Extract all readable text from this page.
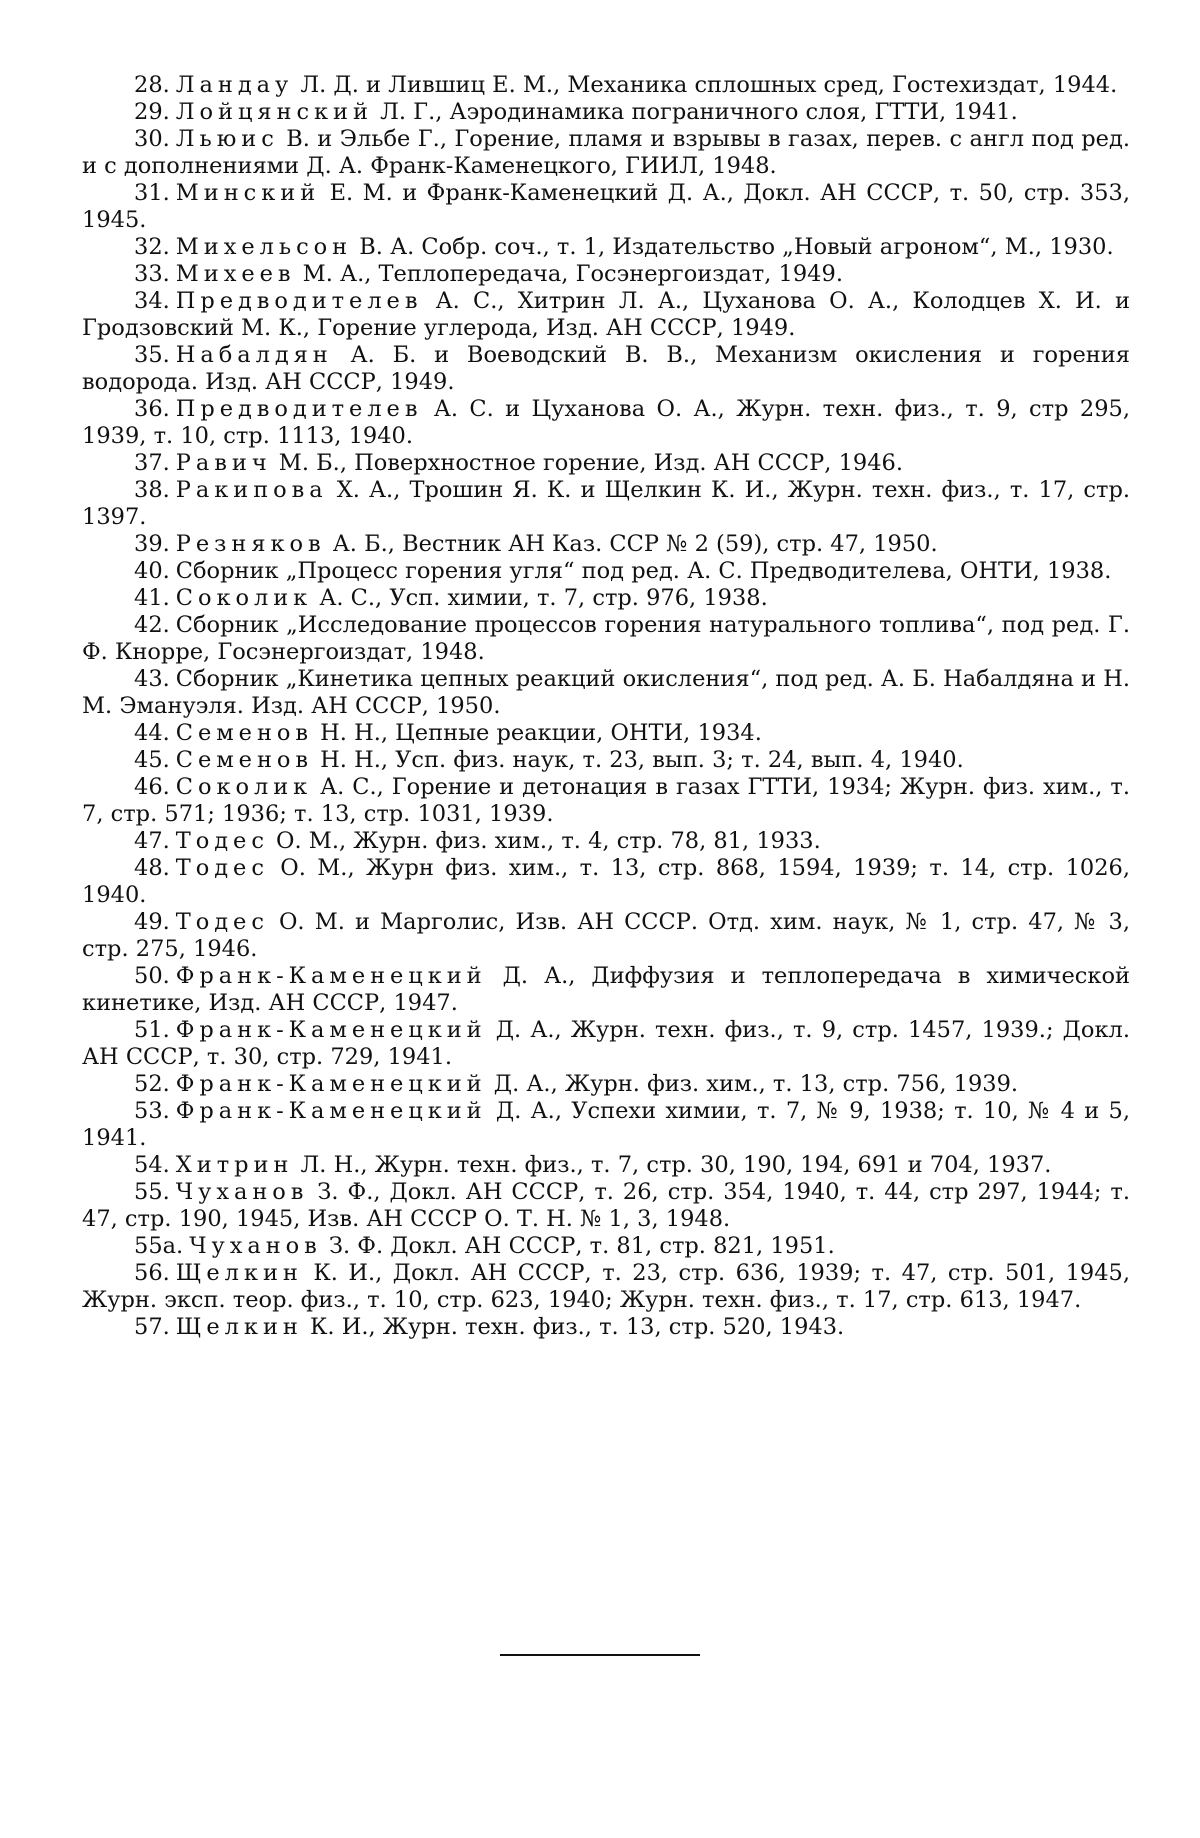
28. Ландау Л. Д. и Лившиц Е. М., Механика сплошных сред, Гостехиздат, 1944.

29. Лойцянский Л. Г., Аэродинамика пограничного слоя, ГТТИ, 1941.

30. Льюис В. и Эльбе Г., Горение, пламя и взрывы в газах, перев. с англ под ред. и с дополнениями Д. А. Франк-Каменецкого, ГИИЛ, 1948.

31. Минский Е. М. и Франк-Каменецкий Д. А., Докл. АН СССР, т. 50, стр. 353, 1945.

32. Михельсон В. А. Собр. соч., т. 1, Издательство „Новый агроном“, М., 1930.

33. Михеев М. А., Теплопередача, Госэнергоиздат, 1949.

34. Предводителев А. С., Хитрин Л. А., Цуханова О. А., Колодцев Х. И. и Гродзовский М. К., Горение углерода, Изд. АН СССР, 1949.

35. Набалдян А. Б. и Воеводский В. В., Механизм окисления и горения водорода. Изд. АН СССР, 1949.

36. Предводителев А. С. и Цуханова О. А., Журн. техн. физ., т. 9, стр 295, 1939, т. 10, стр. 1113, 1940.

37. Равич М. Б., Поверхностное горение, Изд. АН СССР, 1946.

38. Ракипова Х. А., Трошин Я. К. и Щелкин К. И., Журн. техн. физ., т. 17, стр. 1397.

39. Резняков А. Б., Вестник АН Каз. ССР № 2 (59), стр. 47, 1950.

40. Сборник „Процесс горения угля“ под ред. А. С. Предводителева, ОНТИ, 1938.

41. Соколик А. С., Усп. химии, т. 7, стр. 976, 1938.

42. Сборник „Исследование процессов горения натурального топлива“, под ред. Г. Ф. Кнорре, Госэнергоиздат, 1948.

43. Сборник „Кинетика цепных реакций окисления“, под ред. А. Б. Набалдяна и Н. М. Эмануэля. Изд. АН СССР, 1950.

44. Семенов Н. Н., Цепные реакции, ОНТИ, 1934.

45. Семенов Н. Н., Усп. физ. наук, т. 23, вып. 3; т. 24, вып. 4, 1940.

46. Соколик А. С., Горение и детонация в газах ГТТИ, 1934; Журн. физ. хим., т. 7, стр. 571; 1936; т. 13, стр. 1031, 1939.

47. Тодес О. М., Журн. физ. хим., т. 4, стр. 78, 81, 1933.

48. Тодес О. М., Журн физ. хим., т. 13, стр. 868, 1594, 1939; т. 14, стр. 1026, 1940.

49. Тодес О. М. и Марголис, Изв. АН СССР. Отд. хим. наук, № 1, стр. 47, № 3, стр. 275, 1946.

50. Франк-Каменецкий Д. А., Диффузия и теплопередача в химической кинетике, Изд. АН СССР, 1947.

51. Франк-Каменецкий Д. А., Журн. техн. физ., т. 9, стр. 1457, 1939.; Докл. АН СССР, т. 30, стр. 729, 1941.

52. Франк-Каменецкий Д. А., Журн. физ. хим., т. 13, стр. 756, 1939.

53. Франк-Каменецкий Д. А., Успехи химии, т. 7, № 9, 1938; т. 10, № 4 и 5, 1941.

54. Хитрин Л. Н., Журн. техн. физ., т. 7, стр. 30, 190, 194, 691 и 704, 1937.

55. Чуханов З. Ф., Докл. АН СССР, т. 26, стр. 354, 1940, т. 44, стр 297, 1944; т. 47, стр. 190, 1945, Изв. АН СССР О. Т. Н. № 1, 3, 1948.

55а. Чуханов З. Ф. Докл. АН СССР, т. 81, стр. 821, 1951.

56. Щелкин К. И., Докл. АН СССР, т. 23, стр. 636, 1939; т. 47, стр. 501, 1945, Журн. эксп. теор. физ., т. 10, стр. 623, 1940; Журн. техн. физ., т. 17, стр. 613, 1947.

57. Щелкин К. И., Журн. техн. физ., т. 13, стр. 520, 1943.
